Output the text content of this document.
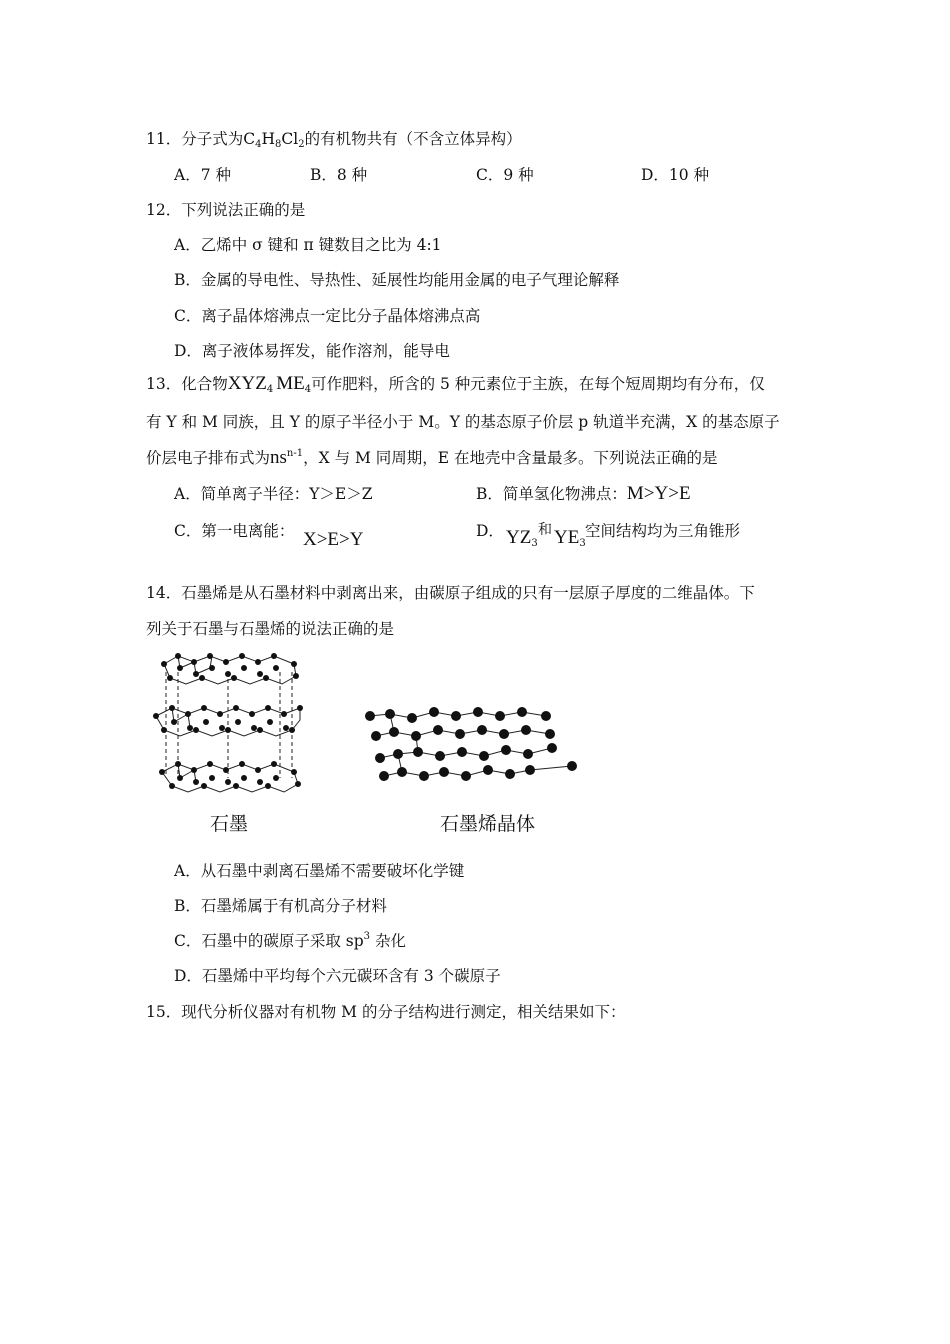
11．分子式为$C_4H_8Cl_2$的有机物共有（不含立体异构）
A．7 种	B．8 种	C．9 种	D．10 种
12．下列说法正确的是
A．乙烯中 σ 键和 π 键数目之比为 4:1
B．金属的导电性、导热性、延展性均能用金属的电子气理论解释
C．离子晶体熔沸点一定比分子晶体熔沸点高
D．离子液体易挥发，能作溶剂，能导电
13．化合物$XYZ_4$ $ME_4$可作肥料，所含的 5 种元素位于主族，在每个短周期均有分布，仅
有 Y 和 M 同族，且 Y 的原子半径小于 M。Y 的基态原子价层 p 轨道半充满，X 的基态原子
价层电子排布式为$ns^{n-1}$，X 与 M 同周期，E 在地壳中含量最多。下列说法正确的是
A．简单离子半径：Y＞E＞Z	B．简单氢化物沸点：M>Y>E
C．第一电离能： X>E>Y	D． $YZ_3$
和 $YE_3$
空间结构均为三角锥形
14．石墨烯是从石墨材料中剥离出来，由碳原子组成的只有一层原子厚度的二维晶体。下
列关于石墨与石墨烯的说法正确的是
石墨	石墨烯晶体
A．从石墨中剥离石墨烯不需要破坏化学键
B．石墨烯属于有机高分子材料
C．石墨中的碳原子采取 $sp^3$ 杂化
D．石墨烯中平均每个六元碳环含有 3 个碳原子
15．现代分析仪器对有机物 M 的分子结构进行测定，相关结果如下：
